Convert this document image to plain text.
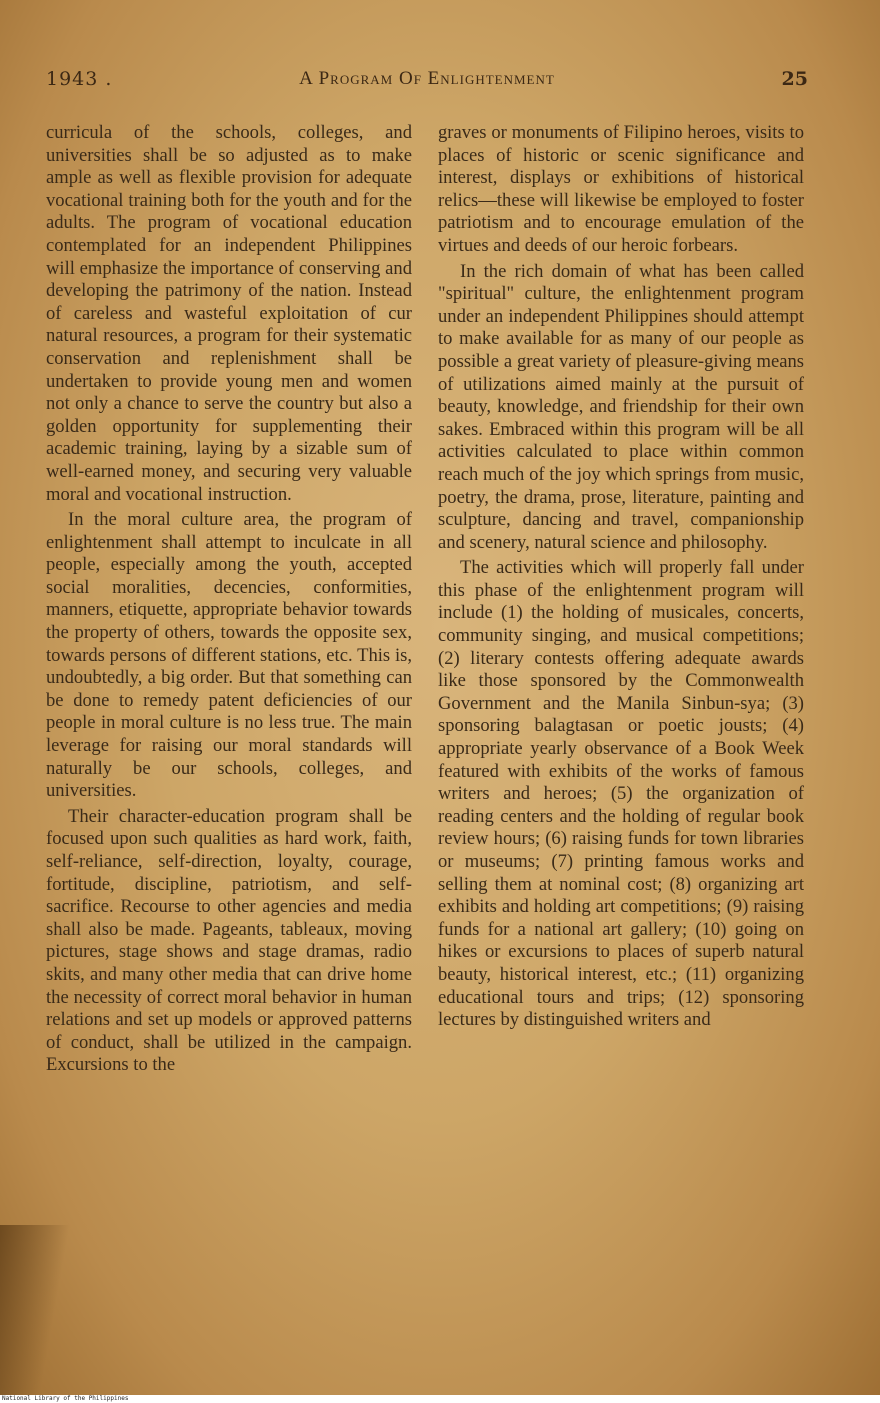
1943 .	A Program Of Enlightenment	25

curricula of the schools, colleges, and universities shall be so adjusted as to make ample as well as flexible provision for adequate vocational training both for the youth and for the adults. The program of vocational education contemplated for an independent Philippines will emphasize the importance of conserving and developing the patrimony of the nation. Instead of careless and wasteful exploitation of cur natural resources, a program for their systematic conservation and replenishment shall be undertaken to provide young men and women not only a chance to serve the country but also a golden opportunity for supplementing their academic training, laying by a sizable sum of well-earned money, and securing very valuable moral and vocational instruction.

In the moral culture area, the program of enlightenment shall attempt to inculcate in all people, especially among the youth, accepted social moralities, decencies, conformities, manners, etiquette, appropriate behavior towards the property of others, towards the opposite sex, towards persons of different stations, etc. This is, undoubtedly, a big order. But that something can be done to remedy patent deficiencies of our people in moral culture is no less true. The main leverage for raising our moral standards will naturally be our schools, colleges, and universities.

Their character-education program shall be focused upon such qualities as hard work, faith, self-reliance, self-direction, loyalty, courage, fortitude, discipline, patriotism, and self-sacrifice. Recourse to other agencies and media shall also be made. Pageants, tableaux, moving pictures, stage shows and stage dramas, radio skits, and many other media that can drive home the necessity of correct moral behavior in human relations and set up models or approved patterns of conduct, shall be utilized in the campaign. Excursions to the

graves or monuments of Filipino heroes, visits to places of historic or scenic significance and interest, displays or exhibitions of historical relics—these will likewise be employed to foster patriotism and to encourage emulation of the virtues and deeds of our heroic forbears.

In the rich domain of what has been called "spiritual" culture, the enlightenment program under an independent Philippines should attempt to make available for as many of our people as possible a great variety of pleasure-giving means of utilizations aimed mainly at the pursuit of beauty, knowledge, and friendship for their own sakes. Embraced within this program will be all activities calculated to place within common reach much of the joy which springs from music, poetry, the drama, prose, literature, painting and sculpture, dancing and travel, companionship and scenery, natural science and philosophy.

The activities which will properly fall under this phase of the enlightenment program will include (1) the holding of musicales, concerts, community singing, and musical competitions; (2) literary contests offering adequate awards like those sponsored by the Commonwealth Government and the Manila Sinbun-sya; (3) sponsoring balagtasan or poetic jousts; (4) appropriate yearly observance of a Book Week featured with exhibits of the works of famous writers and heroes; (5) the organization of reading centers and the holding of regular book review hours; (6) raising funds for town libraries or museums; (7) printing famous works and selling them at nominal cost; (8) organizing art exhibits and holding art competitions; (9) raising funds for a national art gallery; (10) going on hikes or excursions to places of superb natural beauty, historical interest, etc.; (11) organizing educational tours and trips; (12) sponsoring lectures by distinguished writers and

National Library of the Philippines
